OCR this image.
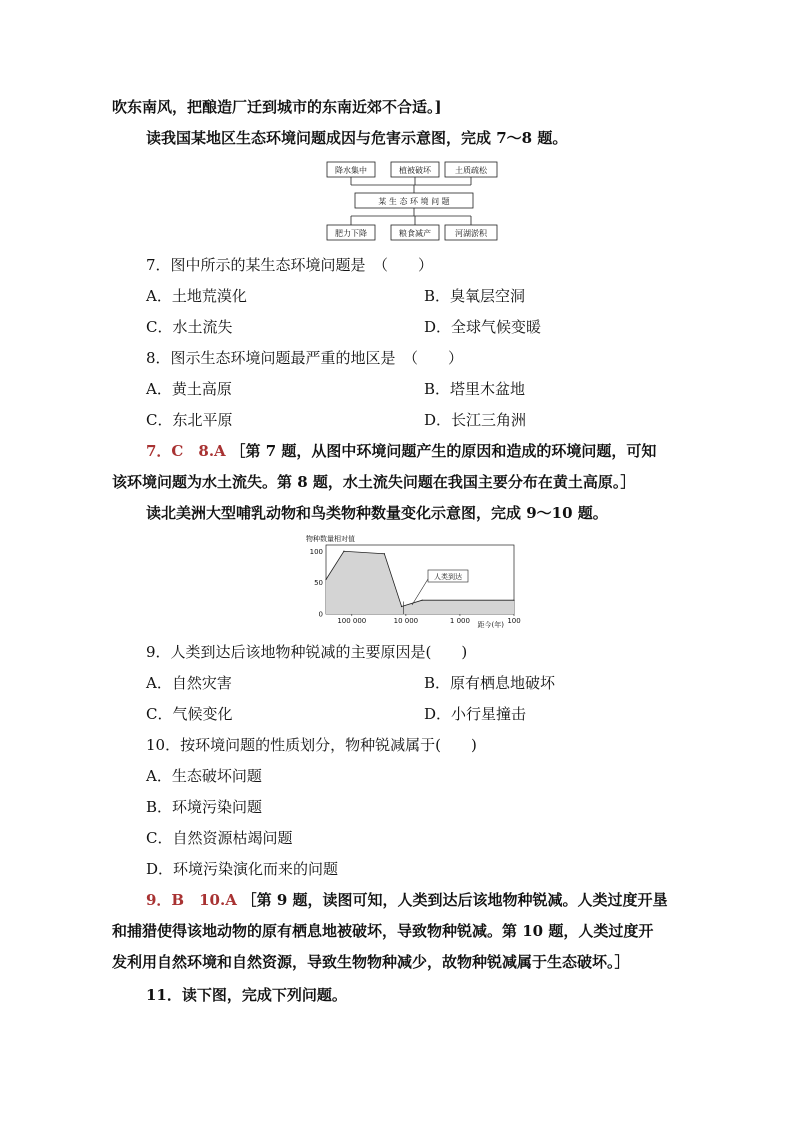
吹东南风，把酿造厂迁到城市的东南近郊不合适。]
读我国某地区生态环境问题成因与危害示意图，完成 7～8 题。
降水集中	植被破坏	土质疏松
某 生 态 环 境 问 题
肥力下降	粮食减产	河湖淤积
7．图中所示的某生态环境问题是　（　　）
A．土地荒漠化	B．臭氧层空洞
C．水土流失	D．全球气候变暖
8．图示生态环境问题最严重的地区是　（　　）
A．黄土高原	B．塔里木盆地
C．东北平原	D．长江三角洲
7．C　8.A ［第 7 题，从图中环境问题产生的原因和造成的环境问题，可知
该环境问题为水土流失。第 8 题，水土流失问题在我国主要分布在黄土高原。］
读北美洲大型哺乳动物和鸟类物种数量变化示意图，完成 9～10 题。
物种数量相对值
100
50
0
100 000	10 000	1 000	100
距今(年)
人类到达
9．人类到达后该地物种锐减的主要原因是(　　)
A．自然灾害	B．原有栖息地破坏
C．气候变化	D．小行星撞击
10．按环境问题的性质划分，物种锐减属于(　　)
A．生态破坏问题
B．环境污染问题
C．自然资源枯竭问题
D．环境污染演化而来的问题
9．B　10.A ［第 9 题，读图可知，人类到达后该地物种锐减。人类过度开垦
和捕猎使得该地动物的原有栖息地被破坏，导致物种锐减。第 10 题，人类过度开
发利用自然环境和自然资源，导致生物物种减少，故物种锐减属于生态破坏。］
11．读下图，完成下列问题。
